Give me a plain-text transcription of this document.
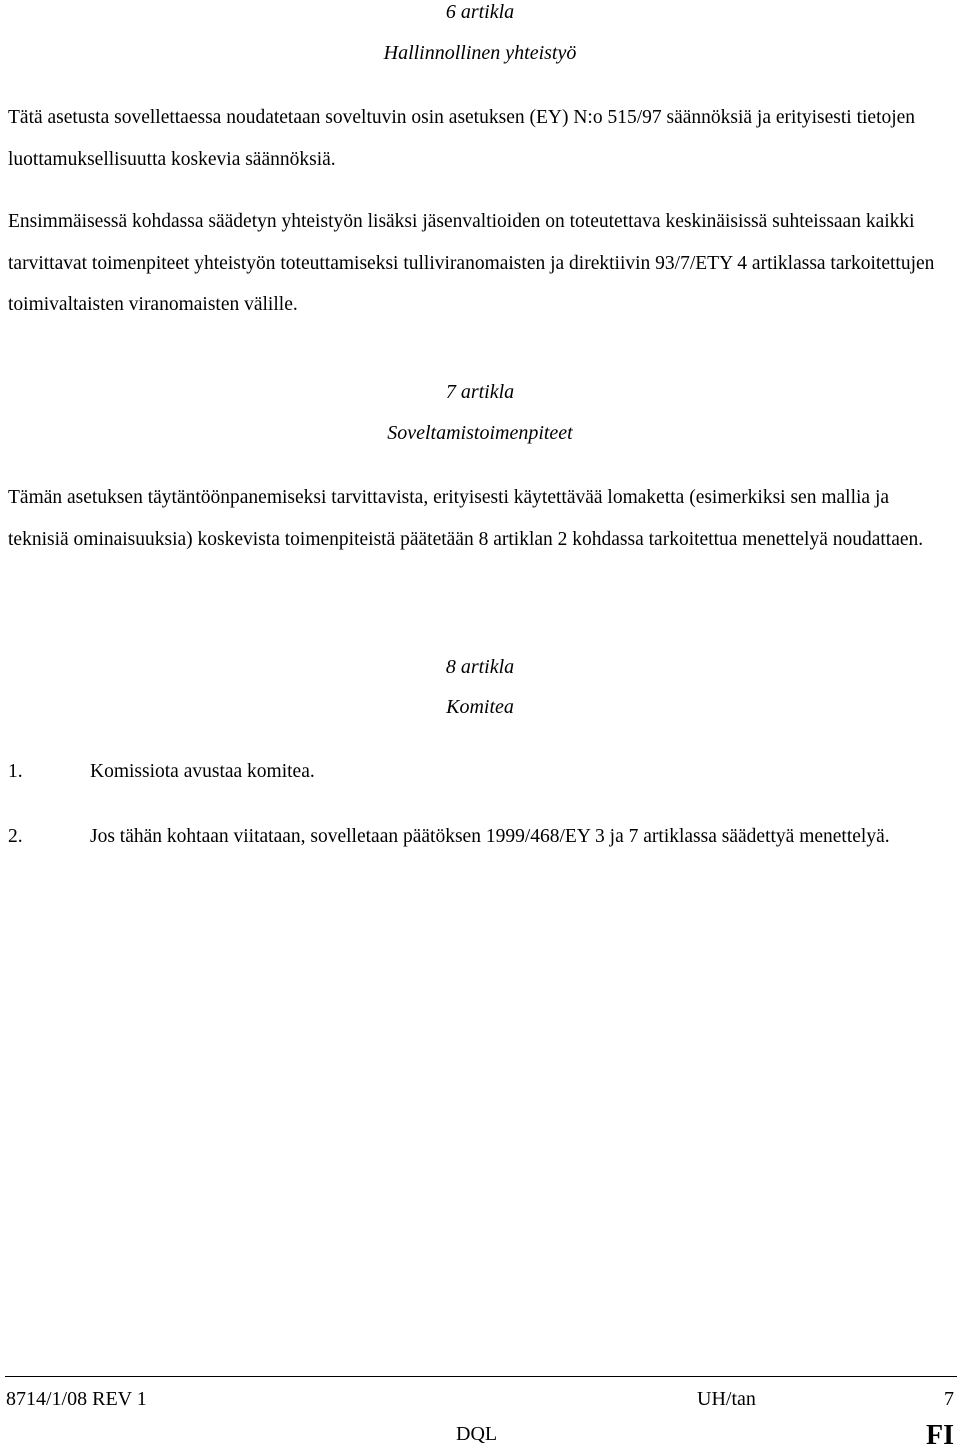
6 artikla
Hallinnollinen yhteistyö

Tätä asetusta sovellettaessa noudatetaan soveltuvin osin asetuksen (EY) N:o 515/97 säännöksiä ja erityisesti tietojen luottamuksellisuutta koskevia säännöksiä.

Ensimmäisessä kohdassa säädetyn yhteistyön lisäksi jäsenvaltioiden on toteutettava keskinäisissä suhteissaan kaikki tarvittavat toimenpiteet yhteistyön toteuttamiseksi tulliviranomaisten ja direktiivin 93/7/ETY 4 artiklassa tarkoitettujen toimivaltaisten viranomaisten välille.

7 artikla
Soveltamistoimenpiteet

Tämän asetuksen täytäntöönpanemiseksi tarvittavista, erityisesti käytettävää lomaketta (esimerkiksi sen mallia ja teknisiä ominaisuuksia) koskevista toimenpiteistä päätetään 8 artiklan 2 kohdassa tarkoitettua menettelyä noudattaen.

8 artikla
Komitea
1.	Komissiota avustaa komitea.
2.	Jos tähän kohtaan viitataan, sovelletaan päätöksen 1999/468/EY 3 ja 7 artiklassa säädettyä menettelyä.
8714/1/08 REV 1	UH/tan	7
DQL	FI
